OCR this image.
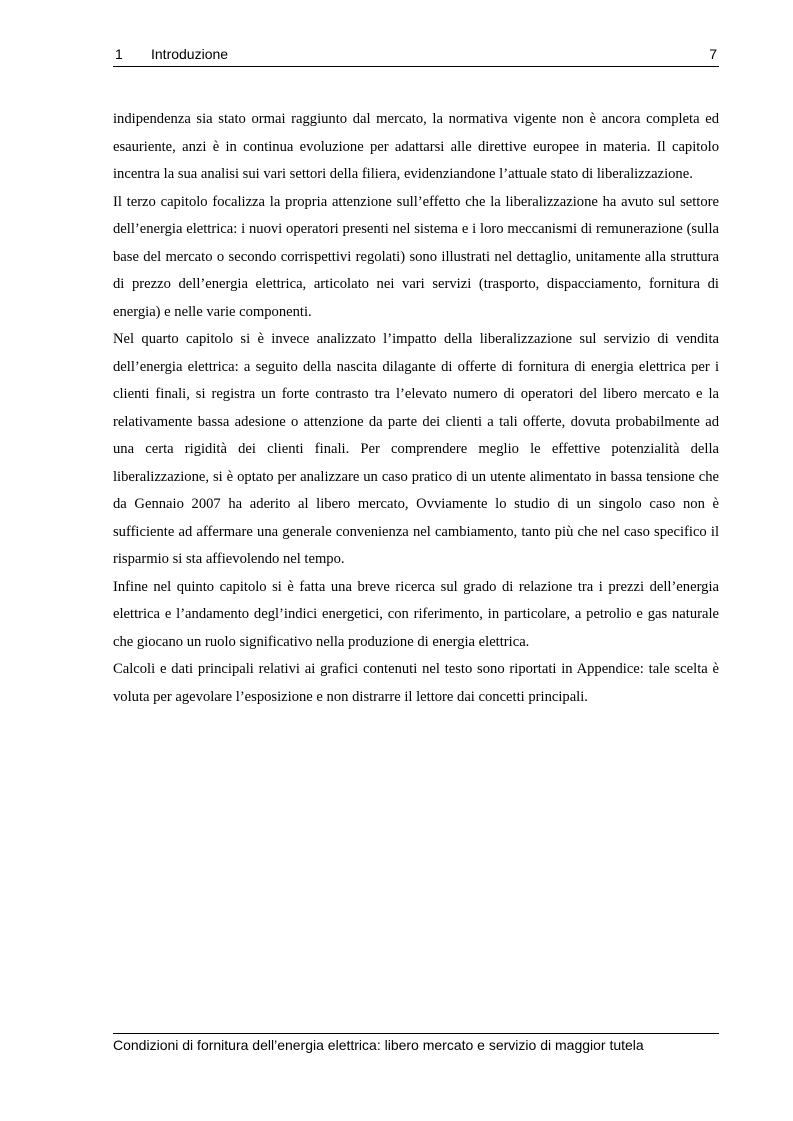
1 Introduzione	7

indipendenza sia stato ormai raggiunto dal mercato, la normativa vigente non è ancora completa ed esauriente, anzi è in continua evoluzione per adattarsi alle direttive europee in materia. Il capitolo incentra la sua analisi sui vari settori della filiera, evidenziandone l’attuale stato di liberalizzazione.

Il terzo capitolo focalizza la propria attenzione sull’effetto che la liberalizzazione ha avuto sul settore dell’energia elettrica: i nuovi operatori presenti nel sistema e i loro meccanismi di remunerazione (sulla base del mercato o secondo corrispettivi regolati) sono illustrati nel dettaglio, unitamente alla struttura di prezzo dell’energia elettrica, articolato nei vari servizi (trasporto, dispacciamento, fornitura di energia) e nelle varie componenti.

Nel quarto capitolo si è invece analizzato l’impatto della liberalizzazione sul servizio di vendita dell’energia elettrica: a seguito della nascita dilagante di offerte di fornitura di energia elettrica per i clienti finali, si registra un forte contrasto tra l’elevato numero di operatori del libero mercato e la relativamente bassa adesione o attenzione da parte dei clienti a tali offerte, dovuta probabilmente ad una certa rigidità dei clienti finali. Per comprendere meglio le effettive potenzialità della liberalizzazione, si è optato per analizzare un caso pratico di un utente alimentato in bassa tensione che da Gennaio 2007 ha aderito al libero mercato, Ovviamente lo studio di un singolo caso non è sufficiente ad affermare una generale convenienza nel cambiamento, tanto più che nel caso specifico il risparmio si sta affievolendo nel tempo.

Infine nel quinto capitolo si è fatta una breve ricerca sul grado di relazione tra i prezzi dell’energia elettrica e l’andamento degl’indici energetici, con riferimento, in particolare, a petrolio e gas naturale che giocano un ruolo significativo nella produzione di energia elettrica.

Calcoli e dati principali relativi ai grafici contenuti nel testo sono riportati in Appendice: tale scelta è voluta per agevolare l’esposizione e non distrarre il lettore dai concetti principali.

Condizioni di fornitura dell’energia elettrica: libero mercato e servizio di maggior tutela
